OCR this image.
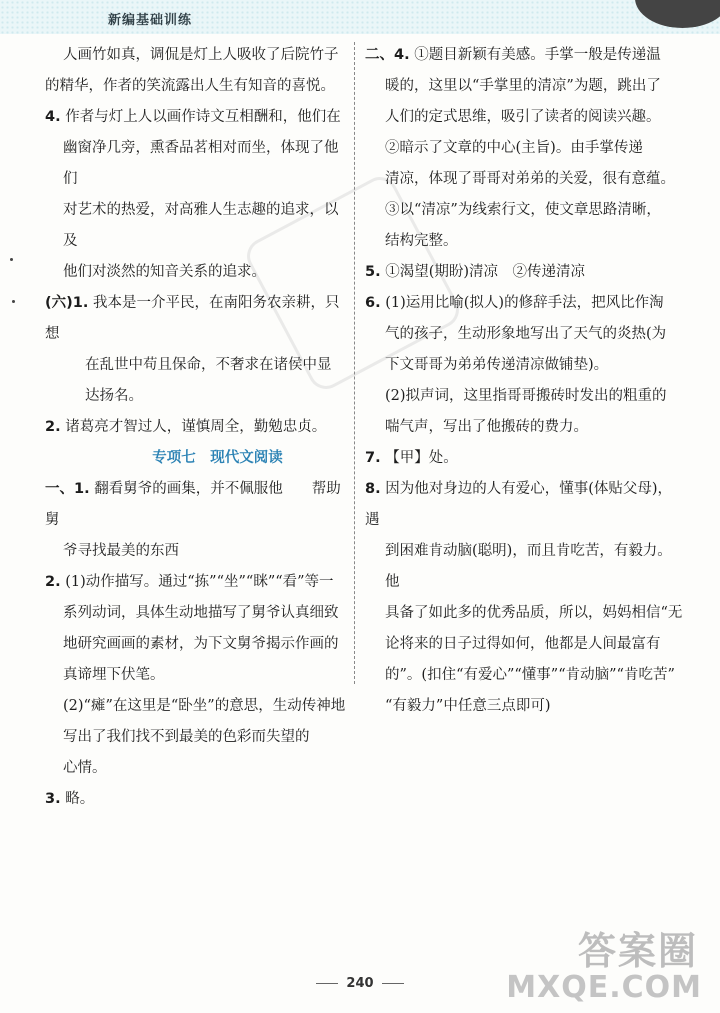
新编基础训练
人画竹如真，调侃是灯上人吸收了后院竹子
的精华，作者的笑流露出人生有知音的喜悦。
4. 作者与灯上人以画作诗文互相酬和，他们在
幽窗净几旁，熏香品茗相对而坐，体现了他们
对艺术的热爱，对高雅人生志趣的追求，以及
他们对淡然的知音关系的追求。
(六)1. 我本是一介平民，在南阳务农亲耕，只想
在乱世中苟且保命，不奢求在诸侯中显
达扬名。
2. 诸葛亮才智过人，谨慎周全，勤勉忠贞。
专项七　现代文阅读
一、1. 翻看舅爷的画集，并不佩服他　　帮助舅
爷寻找最美的东西
2. (1)动作描写。通过“拣”“坐”“眯”“看”等一
系列动词，具体生动地描写了舅爷认真细致
地研究画画的素材，为下文舅爷揭示作画的
真谛埋下伏笔。
(2)“瘫”在这里是“卧坐”的意思，生动传神地
写出了我们找不到最美的色彩而失望的
心情。
3. 略。
二、4. ①题目新颖有美感。手掌一般是传递温
暖的，这里以“手掌里的清凉”为题，跳出了
人们的定式思维，吸引了读者的阅读兴趣。
②暗示了文章的中心(主旨)。由手掌传递
清凉，体现了哥哥对弟弟的关爱，很有意蕴。
③以“清凉”为线索行文，使文章思路清晰，
结构完整。
5. ①渴望(期盼)清凉　②传递清凉
6. (1)运用比喻(拟人)的修辞手法，把风比作淘
气的孩子，生动形象地写出了天气的炎热(为
下文哥哥为弟弟传递清凉做铺垫)。
(2)拟声词，这里指哥哥搬砖时发出的粗重的
喘气声，写出了他搬砖的费力。
7. 【甲】处。
8. 因为他对身边的人有爱心，懂事(体贴父母)，遇
到困难肯动脑(聪明)，而且肯吃苦，有毅力。他
具备了如此多的优秀品质，所以，妈妈相信“无
论将来的日子过得如何，他都是人间最富有
的”。(扣住“有爱心”“懂事”“肯动脑”“肯吃苦”
“有毅力”中任意三点即可)
答案圈
MXQE.COM
240
